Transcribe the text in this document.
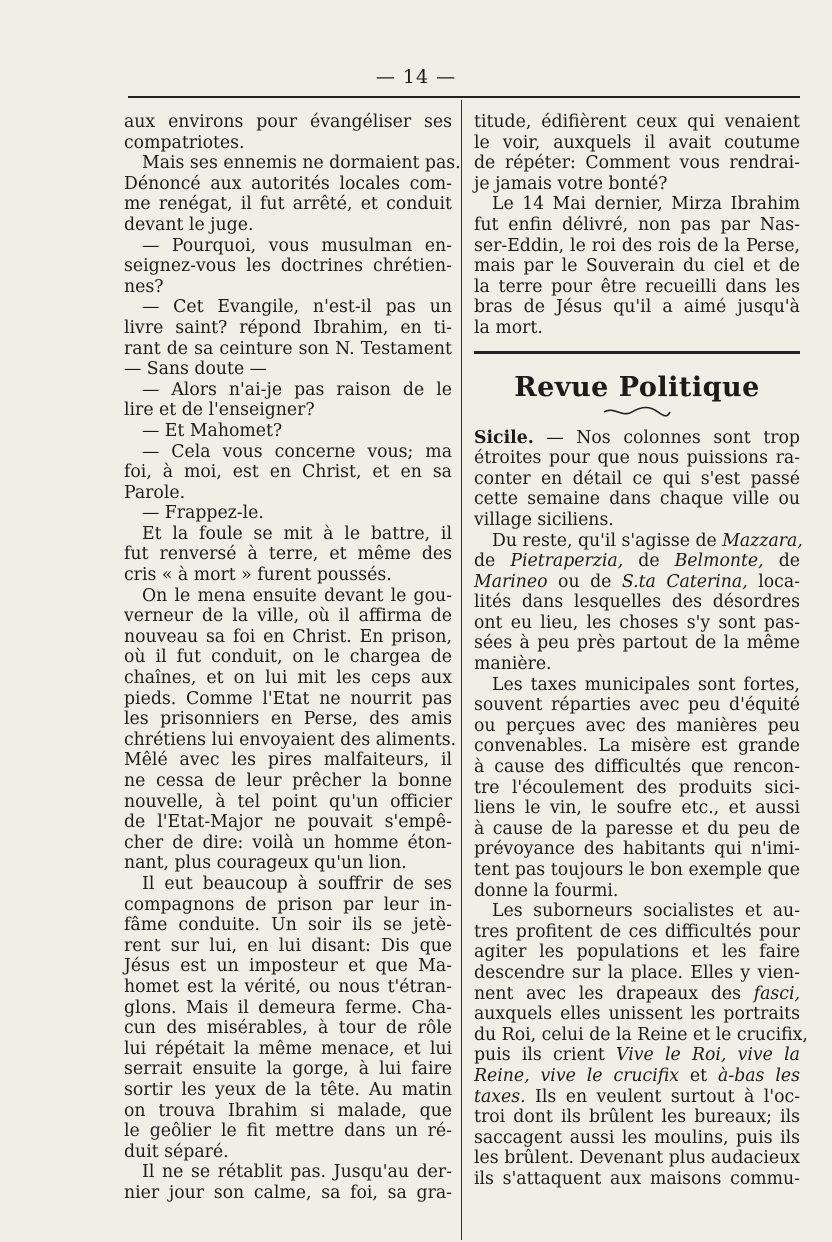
— 14 —
aux environs pour évangéliser ses
compatriotes.
Mais ses ennemis ne dormaient pas.
Dénoncé aux autorités locales com-
me renégat, il fut arrêté, et conduit
devant le juge.
— Pourquoi, vous musulman en-
seignez-vous les doctrines chrétien-
nes?
— Cet Evangile, n'est-il pas un
livre saint? répond Ibrahim, en ti-
rant de sa ceinture son N. Testament
— Sans doute —
— Alors n'ai-je pas raison de le
lire et de l'enseigner?
— Et Mahomet?
— Cela vous concerne vous; ma
foi, à moi, est en Christ, et en sa
Parole.
— Frappez-le.
Et la foule se mit à le battre, il
fut renversé à terre, et même des
cris « à mort » furent poussés.
On le mena ensuite devant le gou-
verneur de la ville, où il affirma de
nouveau sa foi en Christ. En prison,
où il fut conduit, on le chargea de
chaînes, et on lui mit les ceps aux
pieds. Comme l'Etat ne nourrit pas
les prisonniers en Perse, des amis
chrétiens lui envoyaient des aliments.
Mêlé avec les pires malfaiteurs, il
ne cessa de leur prêcher la bonne
nouvelle, à tel point qu'un officier
de l'Etat-Major ne pouvait s'empê-
cher de dire: voilà un homme éton-
nant, plus courageux qu'un lion.
Il eut beaucoup à souffrir de ses
compagnons de prison par leur in-
fâme conduite. Un soir ils se jetè-
rent sur lui, en lui disant: Dis que
Jésus est un imposteur et que Ma-
homet est la vérité, ou nous t'étran-
glons. Mais il demeura ferme. Cha-
cun des misérables, à tour de rôle
lui répétait la même menace, et lui
serrait ensuite la gorge, à lui faire
sortir les yeux de la tête. Au matin
on trouva Ibrahim si malade, que
le geôlier le fit mettre dans un ré-
duit séparé.
Il ne se rétablit pas. Jusqu'au der-
nier jour son calme, sa foi, sa gra-
titude, édifièrent ceux qui venaient
le voir, auxquels il avait coutume
de répéter: Comment vous rendrai-
je jamais votre bonté?
Le 14 Mai dernier, Mirza Ibrahim
fut enfin délivré, non pas par Nas-
ser-Eddin, le roi des rois de la Perse,
mais par le Souverain du ciel et de
la terre pour être recueilli dans les
bras de Jésus qu'il a aimé jusqu'à
la mort.
Revue Politique
Sicile. — Nos colonnes sont trop
étroites pour que nous puissions ra-
conter en détail ce qui s'est passé
cette semaine dans chaque ville ou
village siciliens.
Du reste, qu'il s'agisse de Mazzara,
de Pietraperzia, de Belmonte, de
Marineo ou de S.ta Caterina, loca-
lités dans lesquelles des désordres
ont eu lieu, les choses s'y sont pas-
sées à peu près partout de la même
manière.
Les taxes municipales sont fortes,
souvent réparties avec peu d'équité
ou perçues avec des manières peu
convenables. La misère est grande
à cause des difficultés que rencon-
tre l'écoulement des produits sici-
liens le vin, le soufre etc., et aussi
à cause de la paresse et du peu de
prévoyance des habitants qui n'imi-
tent pas toujours le bon exemple que
donne la fourmi.
Les suborneurs socialistes et au-
tres profitent de ces difficultés pour
agiter les populations et les faire
descendre sur la place. Elles y vien-
nent avec les drapeaux des fasci,
auxquels elles unissent les portraits
du Roi, celui de la Reine et le crucifix,
puis ils crient Vive le Roi, vive la
Reine, vive le crucifix et à-bas les
taxes. Ils en veulent surtout à l'oc-
troi dont ils brûlent les bureaux; ils
saccagent aussi les moulins, puis ils
les brûlent. Devenant plus audacieux
ils s'attaquent aux maisons commu-
